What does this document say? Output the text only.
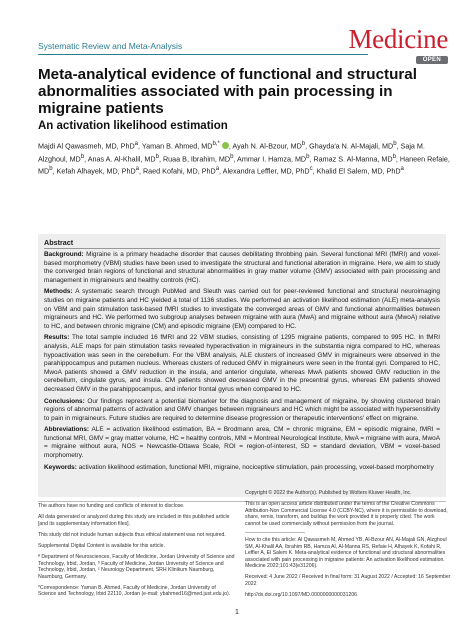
Systematic Review and Meta-Analysis	Medicine
OPEN
Meta-analytical evidence of functional and structural abnormalities associated with pain processing in migraine patients
An activation likelihood estimation
Majdi Al Qawasmeh, MD, PhD$^a$, Yaman B. Ahmed, $MD^{b,*}$ , Ayah N. Al-Bzour, $MD^b$, Ghayda'a N. Al-Majali, $MD^b$, Saja M. Alzghoul, $MD^b$, Anas A. Al-Khalil, $MD^b$, Ruaa B, Ibrahim, $MD^b$, Ammar I. Hamza, $MD^b$, Ramaz S. Al-Manna, $MD^b$, Haneen Refaie, $MD^b$, Kefah Alhayek, MD, PhD$^a$, Raed Kofahi, MD, PhD$^a$, Alexandra Leffler, MD, PhD$^c$, Khalid El Salem, MD, PhD$^a$
Abstract

Background: Migraine is a primary headache disorder that causes debilitating throbbing pain. Several functional MRI (fMRI) and voxel-based morphometry (VBM) studies have been used to investigate the structural and functional alteration in migraine. Here, we aim to study the converged brain regions of functional and structural abnormalities in gray matter volume (GMV) associated with pain processing and management in migraineurs and healthy controls (HC).

Methods: A systematic search through PubMed and Sleuth was carried out for peer-reviewed functional and structural neuroimaging studies on migraine patients and HC yielded a total of 1136 studies. We performed an activation likelihood estimation (ALE) meta-analysis on VBM and pain stimulation task-based fMRI studies to investigate the converged areas of GMV and functional abnormalities between migraineurs and HC. We performed two subgroup analyses between migraine with aura (MwA) and migraine without aura (MwoA) relative to HC, and between chronic migraine (CM) and episodic migraine (EM) compared to HC.

Results: The total sample included 16 fMRI and 22 VBM studies, consisting of 1295 migraine patients, compared to 995 HC. In fMRI analysis, ALE maps for pain stimulation tasks revealed hyperactivation in migraineurs in the substantia nigra compared to HC, whereas hypoactivation was seen in the cerebellum. For the VBM analysis, ALE clusters of increased GMV in migraineurs were observed in the parahippocampus and putamen nucleus. Whereas clusters of reduced GMV in migraineurs were seen in the frontal gyri. Compared to HC, MwoA patients showed a GMV reduction in the insula, and anterior cingulate, whereas MwA patients showed GMV reduction in the cerebellum, cingulate gyrus, and insula. CM patients showed decreased GMV in the precentral gyrus, whereas EM patients showed decreased GMV in the parahippocampus, and inferior frontal gyrus when compared to HC.

Conclusions: Our findings represent a potential biomarker for the diagnosis and management of migraine, by showing clustered brain regions of abnormal patterns of activation and GMV changes between migraineurs and HC which might be associated with hypersensitivity to pain in migraineurs. Future studies are required to determine disease progression or therapeutic interventions' effect on migraine.

Abbreviations: ALE = activation likelihood estimation, BA = Brodmann area, CM = chronic migraine, EM = episodic migraine, fMRI = functional MRI, GMV = gray matter volume, HC = healthy controls, MNI = Montreal Neurological Institute, MwA = migraine with aura, MwoA = migraine without aura, NOS = Newcastle-Ottawa Scale, ROI = region-of-interest, SD = standard deviation, VBM = voxel-based morphometry.

Keywords: activation likelihood estimation, functional MRI, migraine, nociceptive stimulation, pain processing, voxel-based morphometry

The authors have no funding and conflicts of interest to disclose.

All data generated or analyzed during this study are included in this published article [and its supplementary information files].

This study did not include human subjects thus ethical statement was not required.

Supplemental Digital Content is available for this article.

ª Department of Neurosciences, Faculty of Medicine, Jordan University of Science and Technology, Irbid, Jordan, ᵇ Faculty of Medicine, Jordan University of Science and Technology, Irbid, Jordan, ᶜ Neurology Department, SRH Klinikum Naumburg, Naumburg, Germany.

*Correspondence: Yaman B. Ahmed, Faculty of Medicine, Jordan University of Science and Technology, Irbid 22110, Jordan (e-mail: ybahmed16@med.just.edu.jo).

Copyright © 2022 the Author(s). Published by Wolters Kluwer Health, Inc.

This is an open access article distributed under the terms of the Creative Commons Attribution-Non Commercial License 4.0 (CCBY-NC), where it is permissible to download, share, remix, transform, and buildup the work provided it is properly cited. The work cannot be used commercially without permission from the journal.

How to cite this article: Al Qawasmeh M, Ahmed YB, Al-Bzour AN, Al-Majali GN, Alzghoul SM, Al-Khalil AA, Ibrahim RB, Hamza AI, Al-Manna RS, Refaie H, Alhayek K, Kofahi R, Leffler A, El Salem K. Meta-analytical evidence of functional and structural abnormalities associated with pain processing in migraine patients: An activation likelihood estimation. Medicine 2022;101:43(e31206).

Received: 4 June 2022 / Received in final form: 31 August 2022 / Accepted: 16 September 2022

http://dx.doi.org/10.1097/MD.0000000000031206

1
